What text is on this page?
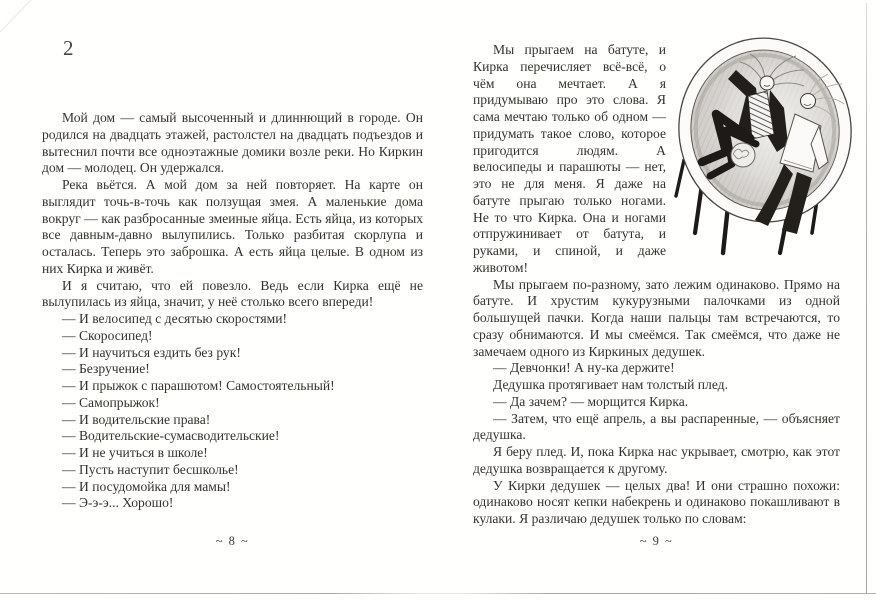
2

Мой дом — самый высоченный и длиннющий в городе. Он родился на двадцать этажей, растолстел на двадцать подъездов и вытеснил почти все одноэтажные домики возле реки. Но Киркин дом — молодец. Он удержался.

Река вьётся. А мой дом за ней повторяет. На карте он выглядит точь-в-точь как ползущая змея. А маленькие дома вокруг — как разбросанные змеиные яйца. Есть яйца, из которых все давным-давно вылупились. Только разбитая скорлупа и осталась. Теперь это заброшка. А есть яйца целые. В одном из них Кирка и живёт.

И я считаю, что ей повезло. Ведь если Кирка ещё не вылупилась из яйца, значит, у неё столько всего впереди!

— И велосипед с десятью скоростями!

— Скоросипед!

— И научиться ездить без рук!

— Безручение!

— И прыжок с парашютом! Самостоятельный!

— Самопрыжок!

— И водительские права!

— Водительские-сумасводительские!

— И не учиться в школе!

— Пусть наступит бесшколье!

— И посудомойка для мамы!

— Э-э-э... Хорошо!

~ 8 ~

Мы прыгаем на батуте, и Кирка перечисляет всё-всё, о чём она мечтает. А я придумываю про это слова. Я сама мечтаю только об одном — придумать такое слово, которое пригодится людям. А велосипеды и парашюты — нет, это не для меня. Я даже на батуте прыгаю только ногами. Не то что Кирка. Она и ногами отпружинивает от батута, и руками, и спиной, и даже животом!

Мы прыгаем по-разному, зато лежим одинаково. Прямо на батуте. И хрустим кукурузными палочками из одной большущей пачки. Когда наши пальцы там встречаются, то сразу обнимаются. И мы смеёмся. Так смеёмся, что даже не замечаем одного из Киркиных дедушек.

— Девчонки! А ну-ка держите!

Дедушка протягивает нам толстый плед.

— Да зачем? — морщится Кирка.

— Затем, что ещё апрель, а вы распаренные, — объясняет дедушка.

Я беру плед. И, пока Кирка нас укрывает, смотрю, как этот дедушка возвращается к другому.

У Кирки дедушек — целых два! И они страшно похожи: одинаково носят кепки набекрень и одинаково покашливают в кулаки. Я различаю дедушек только по словам:

~ 9 ~
